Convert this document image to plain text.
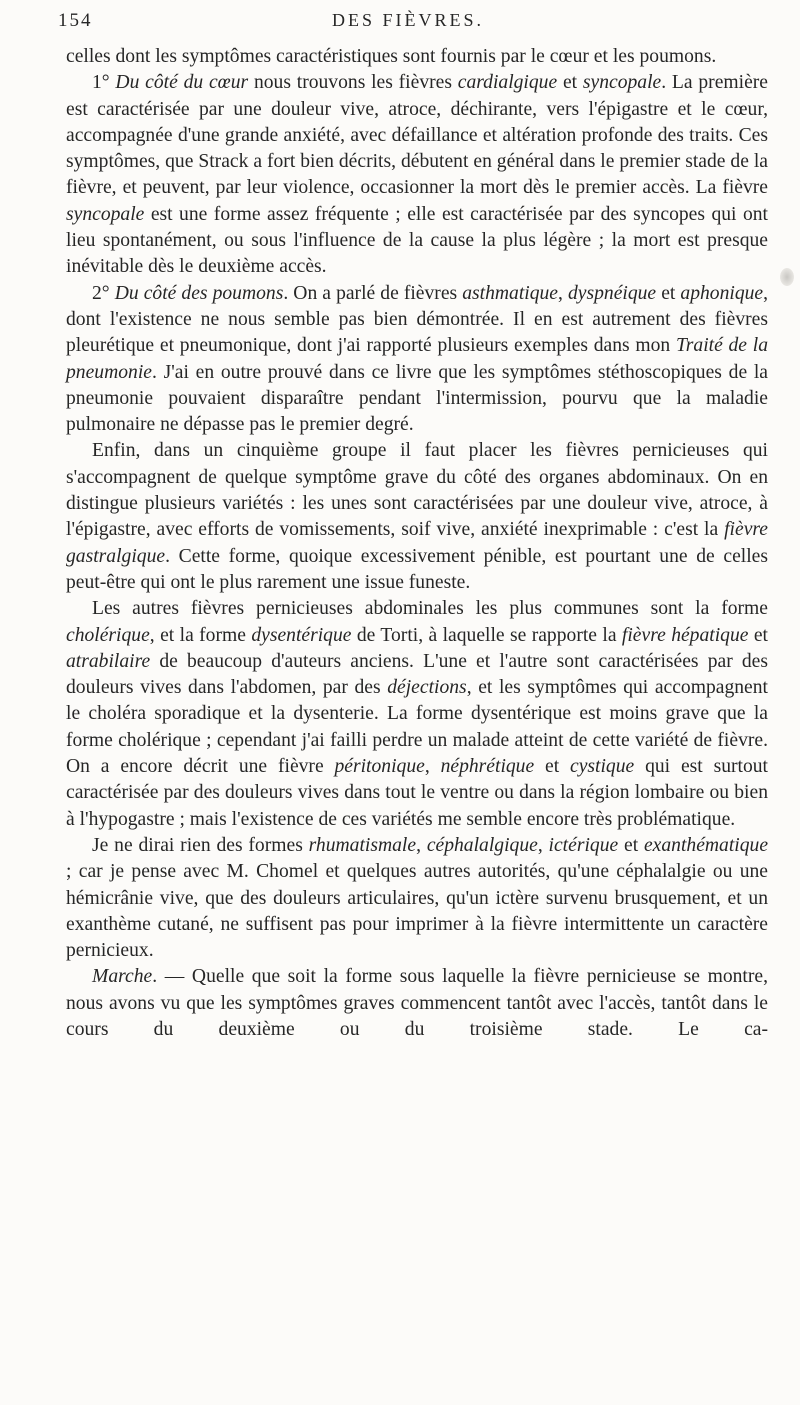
154	DES FIÈVRES.

celles dont les symptômes caractéristiques sont fournis par le cœur et les poumons.

1° Du côté du cœur nous trouvons les fièvres cardialgique et syncopale. La première est caractérisée par une douleur vive, atroce, déchirante, vers l'épigastre et le cœur, accompagnée d'une grande anxiété, avec défaillance et altération profonde des traits. Ces symptômes, que Strack a fort bien décrits, débutent en général dans le premier stade de la fièvre, et peuvent, par leur violence, occasionner la mort dès le premier accès. La fièvre syncopale est une forme assez fréquente ; elle est caractérisée par des syncopes qui ont lieu spontanément, ou sous l'influence de la cause la plus légère ; la mort est presque inévitable dès le deuxième accès.

2° Du côté des poumons. On a parlé de fièvres asthmatique, dyspnéique et aphonique, dont l'existence ne nous semble pas bien démontrée. Il en est autrement des fièvres pleurétique et pneumonique, dont j'ai rapporté plusieurs exemples dans mon Traité de la pneumonie. J'ai en outre prouvé dans ce livre que les symptômes stéthoscopiques de la pneumonie pouvaient disparaître pendant l'intermission, pourvu que la maladie pulmonaire ne dépasse pas le premier degré.

Enfin, dans un cinquième groupe il faut placer les fièvres pernicieuses qui s'accompagnent de quelque symptôme grave du côté des organes abdominaux. On en distingue plusieurs variétés : les unes sont caractérisées par une douleur vive, atroce, à l'épigastre, avec efforts de vomissements, soif vive, anxiété inexprimable : c'est la fièvre gastralgique. Cette forme, quoique excessivement pénible, est pourtant une de celles peut-être qui ont le plus rarement une issue funeste.

Les autres fièvres pernicieuses abdominales les plus communes sont la forme cholérique, et la forme dysentérique de Torti, à laquelle se rapporte la fièvre hépatique et atrabilaire de beaucoup d'auteurs anciens. L'une et l'autre sont caractérisées par des douleurs vives dans l'abdomen, par des déjections, et les symptômes qui accompagnent le choléra sporadique et la dysenterie. La forme dysentérique est moins grave que la forme cholérique ; cependant j'ai failli perdre un malade atteint de cette variété de fièvre. On a encore décrit une fièvre péritonique, néphrétique et cystique qui est surtout caractérisée par des douleurs vives dans tout le ventre ou dans la région lombaire ou bien à l'hypogastre ; mais l'existence de ces variétés me semble encore très problématique.

Je ne dirai rien des formes rhumatismale, céphalalgique, ictérique et exanthématique ; car je pense avec M. Chomel et quelques autres autorités, qu'une céphalalgie ou une hémicrânie vive, que des douleurs articulaires, qu'un ictère survenu brusquement, et un exanthème cutané, ne suffisent pas pour imprimer à la fièvre intermittente un caractère pernicieux.

Marche. — Quelle que soit la forme sous laquelle la fièvre pernicieuse se montre, nous avons vu que les symptômes graves commencent tantôt avec l'accès, tantôt dans le cours du deuxième ou du troisième stade. Le ca-
